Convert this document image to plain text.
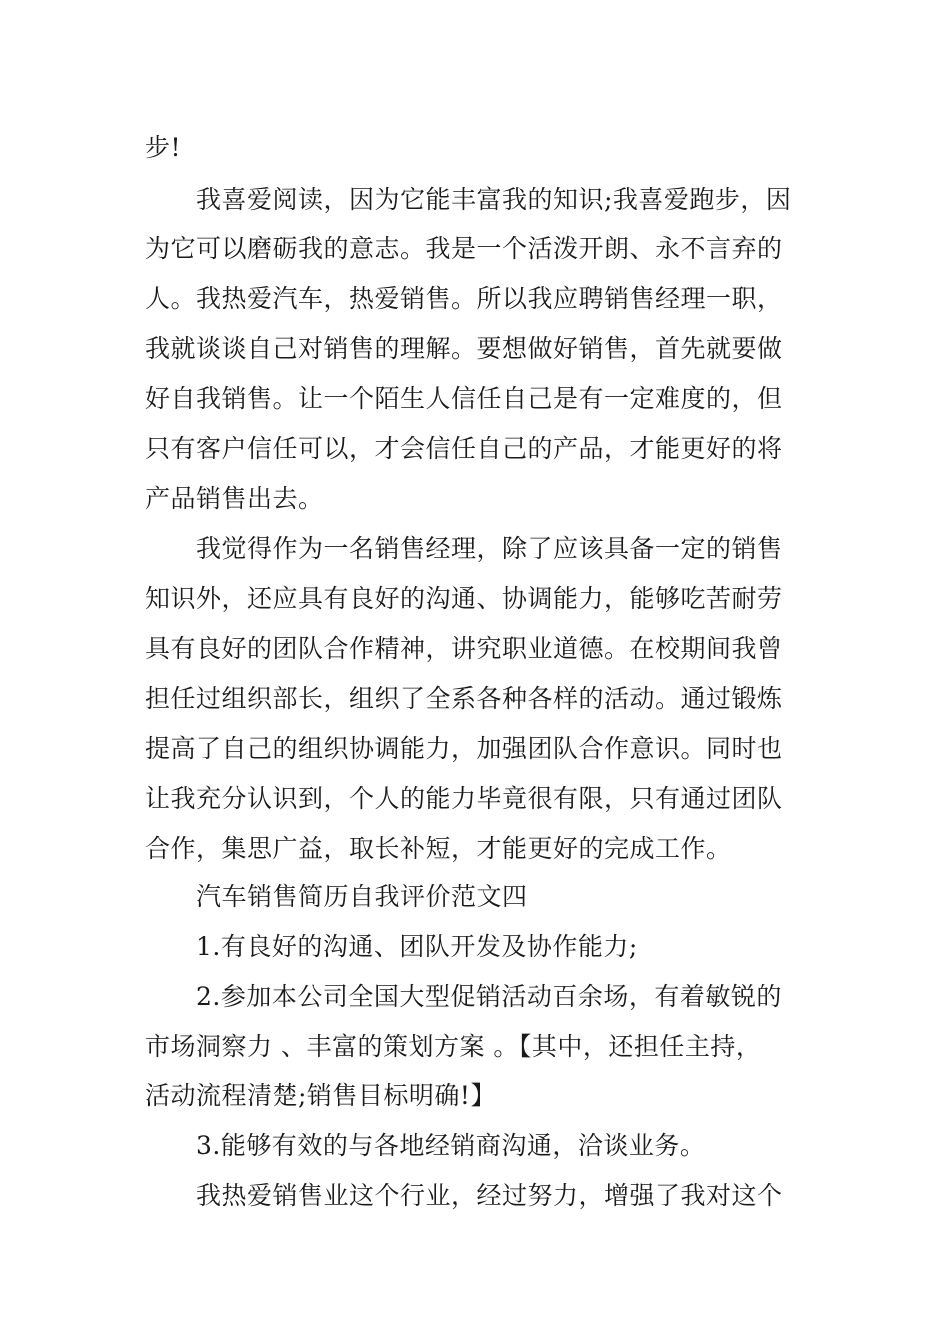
步!
我喜爱阅读，因为它能丰富我的知识;我喜爱跑步，因
为它可以磨砺我的意志。我是一个活泼开朗、永不言弃的
人。我热爱汽车，热爱销售。所以我应聘销售经理一职，
我就谈谈自己对销售的理解。要想做好销售，首先就要做
好自我销售。让一个陌生人信任自己是有一定难度的，但
只有客户信任可以，才会信任自己的产品，才能更好的将
产品销售出去。
我觉得作为一名销售经理，除了应该具备一定的销售
知识外，还应具有良好的沟通、协调能力，能够吃苦耐劳
具有良好的团队合作精神，讲究职业道德。在校期间我曾
担任过组织部长，组织了全系各种各样的活动。通过锻炼
提高了自己的组织协调能力，加强团队合作意识。同时也
让我充分认识到，个人的能力毕竟很有限，只有通过团队
合作，集思广益，取长补短，才能更好的完成工作。
汽车销售简历自我评价范文四
1.有良好的沟通、团队开发及协作能力;
2.参加本公司全国大型促销活动百余场，有着敏锐的
市场洞察力 、丰富的策划方案 。【其中，还担任主持，
活动流程清楚;销售目标明确!】
3.能够有效的与各地经销商沟通，洽谈业务。
我热爱销售业这个行业，经过努力，增强了我对这个
